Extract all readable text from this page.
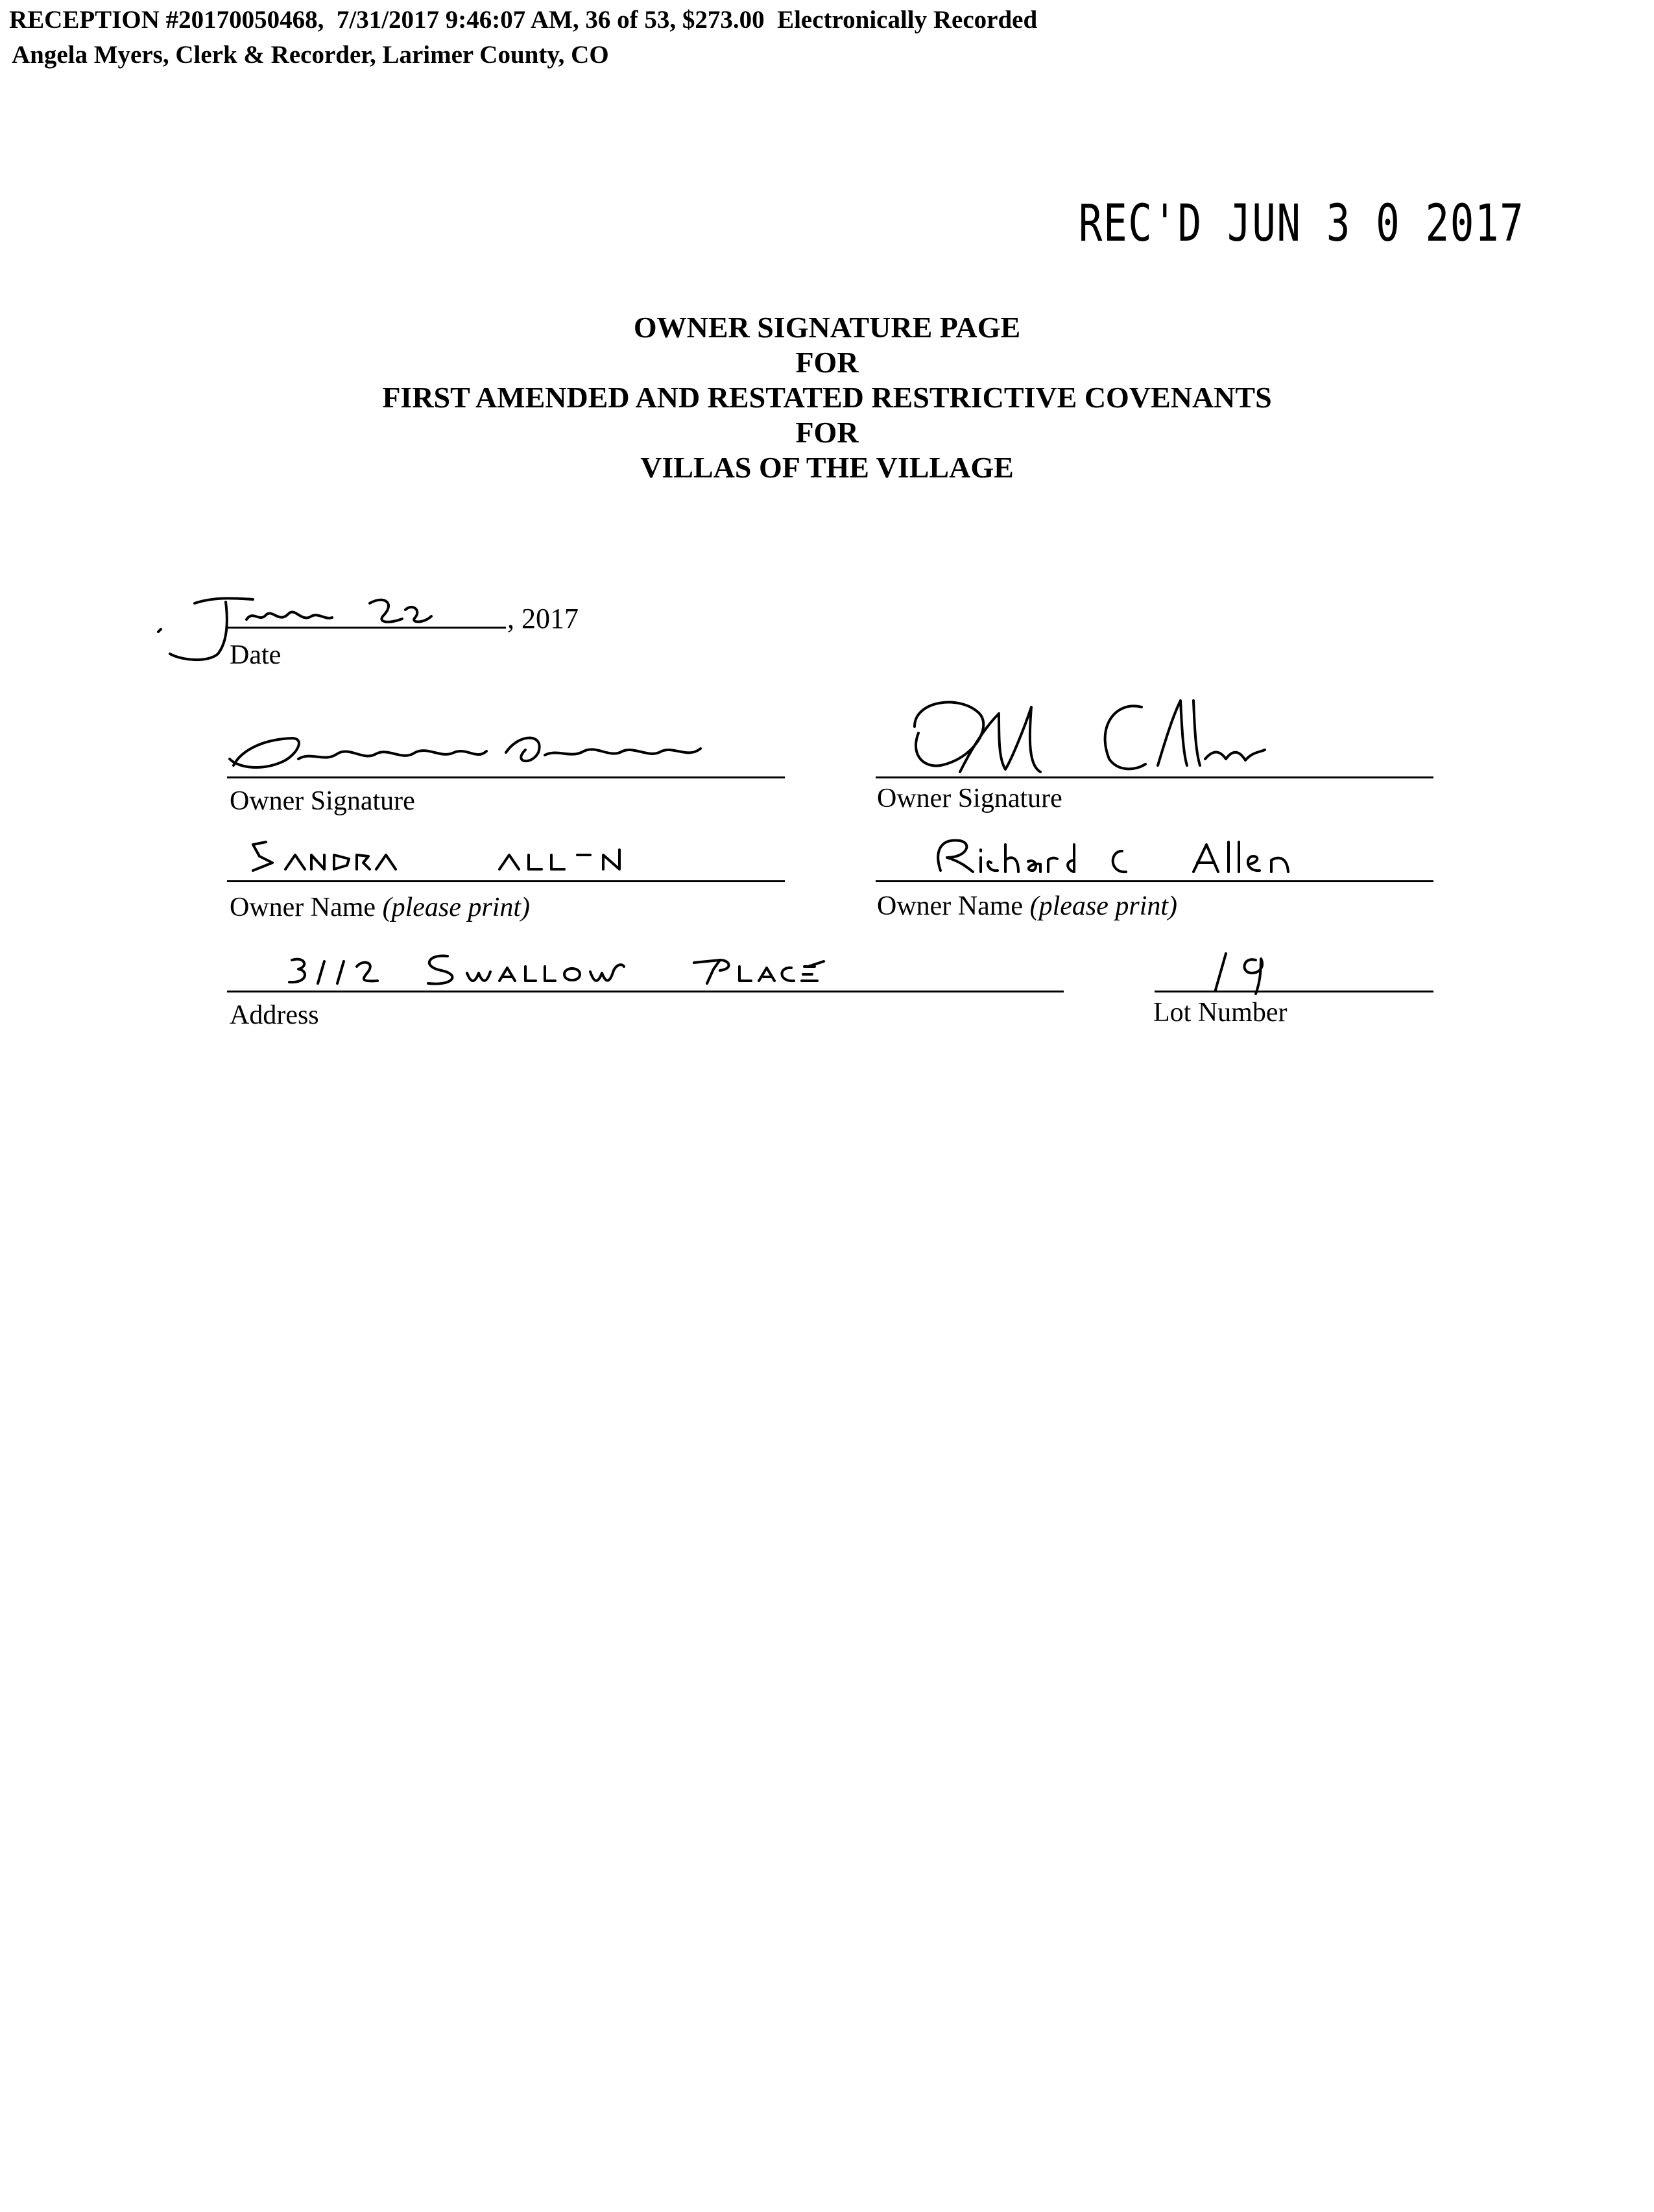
RECEPTION #20170050468,  7/31/2017 9:46:07 AM, 36 of 53, $273.00  Electronically Recorded
Angela Myers, Clerk & Recorder, Larimer County, CO
REC'D JUN 3 0 2017
OWNER SIGNATURE PAGE
FOR
FIRST AMENDED AND RESTATED RESTRICTIVE COVENANTS
FOR
VILLAS OF THE VILLAGE
, 2017
Date
Owner Signature
Owner Name (please print)
Owner Signature
Owner Name (please print)
Address	Lot Number
